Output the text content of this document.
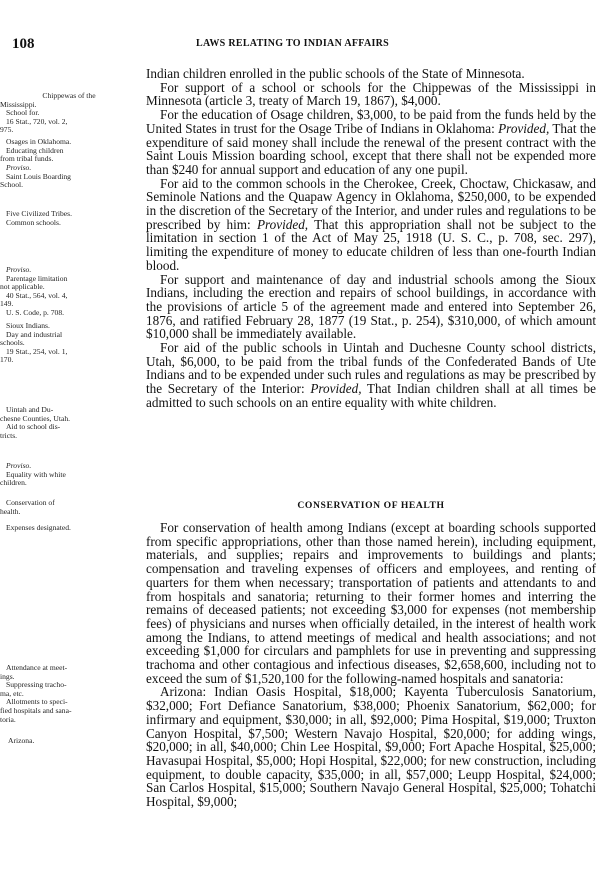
108	LAWS RELATING TO INDIAN AFFAIRS
Chippewas of the
Mississippi.
School for.
16 Stat., 720, vol. 2,
975.
Osages in Oklahoma.
Educating children
from tribal funds.
Proviso.
Saint Louis Boarding
School.
Five Civilized Tribes.
Common schools.
Proviso.
Parentage limitation
not applicable.
40 Stat., 564, vol. 4,
149.
U. S. Code, p. 708.
Sioux Indians.
Day and industrial
schools.
19 Stat., 254, vol. 1,
170.
Uintah and Du-
chesne Counties, Utah.
Aid to school dis-
tricts.
Proviso.
Equality with white
children.
Conservation of
health.
Expenses designated.
Attendance at meet-
ings.
Suppressing tracho-
ma, etc.
Allotments to speci-
fied hospitals and sana-
toria.
Arizona.

Indian children enrolled in the public schools of the State of Minnesota.

For support of a school or schools for the Chippewas of the Mississippi in Minnesota (article 3, treaty of March 19, 1867), $4,000.

For the education of Osage children, $3,000, to be paid from the funds held by the United States in trust for the Osage Tribe of Indians in Oklahoma: Provided, That the expenditure of said money shall include the renewal of the present contract with the Saint Louis Mission boarding school, except that there shall not be expended more than $240 for annual support and education of any one pupil.

For aid to the common schools in the Cherokee, Creek, Choctaw, Chickasaw, and Seminole Nations and the Quapaw Agency in Oklahoma, $250,000, to be expended in the discretion of the Secretary of the Interior, and under rules and regulations to be prescribed by him: Provided, That this appropriation shall not be subject to the limitation in section 1 of the Act of May 25, 1918 (U. S. C., p. 708, sec. 297), limiting the expenditure of money to educate children of less than one-fourth Indian blood.

For support and maintenance of day and industrial schools among the Sioux Indians, including the erection and repairs of school buildings, in accordance with the provisions of article 5 of the agreement made and entered into September 26, 1876, and ratified February 28, 1877 (19 Stat., p. 254), $310,000, of which amount $10,000 shall be immediately available.

For aid of the public schools in Uintah and Duchesne County school districts, Utah, $6,000, to be paid from the tribal funds of the Confederated Bands of Ute Indians and to be expended under such rules and regulations as may be prescribed by the Secretary of the Interior: Provided, That Indian children shall at all times be admitted to such schools on an entire equality with white children.

CONSERVATION OF HEALTH

For conservation of health among Indians (except at boarding schools supported from specific appropriations, other than those named herein), including equipment, materials, and supplies; repairs and improvements to buildings and plants; compensation and traveling expenses of officers and employees, and renting of quarters for them when necessary; transportation of patients and attendants to and from hospitals and sanatoria; returning to their former homes and interring the remains of deceased patients; not exceeding $3,000 for expenses (not membership fees) of physicians and nurses when officially detailed, in the interest of health work among the Indians, to attend meetings of medical and health associations; and not exceeding $1,000 for circulars and pamphlets for use in preventing and suppressing trachoma and other contagious and infectious diseases, $2,658,600, including not to exceed the sum of $1,520,100 for the following-named hospitals and sanatoria:

Arizona: Indian Oasis Hospital, $18,000; Kayenta Tuberculosis Sanatorium, $32,000; Fort Defiance Sanatorium, $38,000; Phoenix Sanatorium, $62,000; for infirmary and equipment, $30,000; in all, $92,000; Pima Hospital, $19,000; Truxton Canyon Hospital, $7,500; Western Navajo Hospital, $20,000; for adding wings, $20,000; in all, $40,000; Chin Lee Hospital, $9,000; Fort Apache Hospital, $25,000; Havasupai Hospital, $5,000; Hopi Hospital, $22,000; for new construction, including equipment, to double capacity, $35,000; in all, $57,000; Leupp Hospital, $24,000; San Carlos Hospital, $15,000; Southern Navajo General Hospital, $25,000; Tohatchi Hospital, $9,000;
